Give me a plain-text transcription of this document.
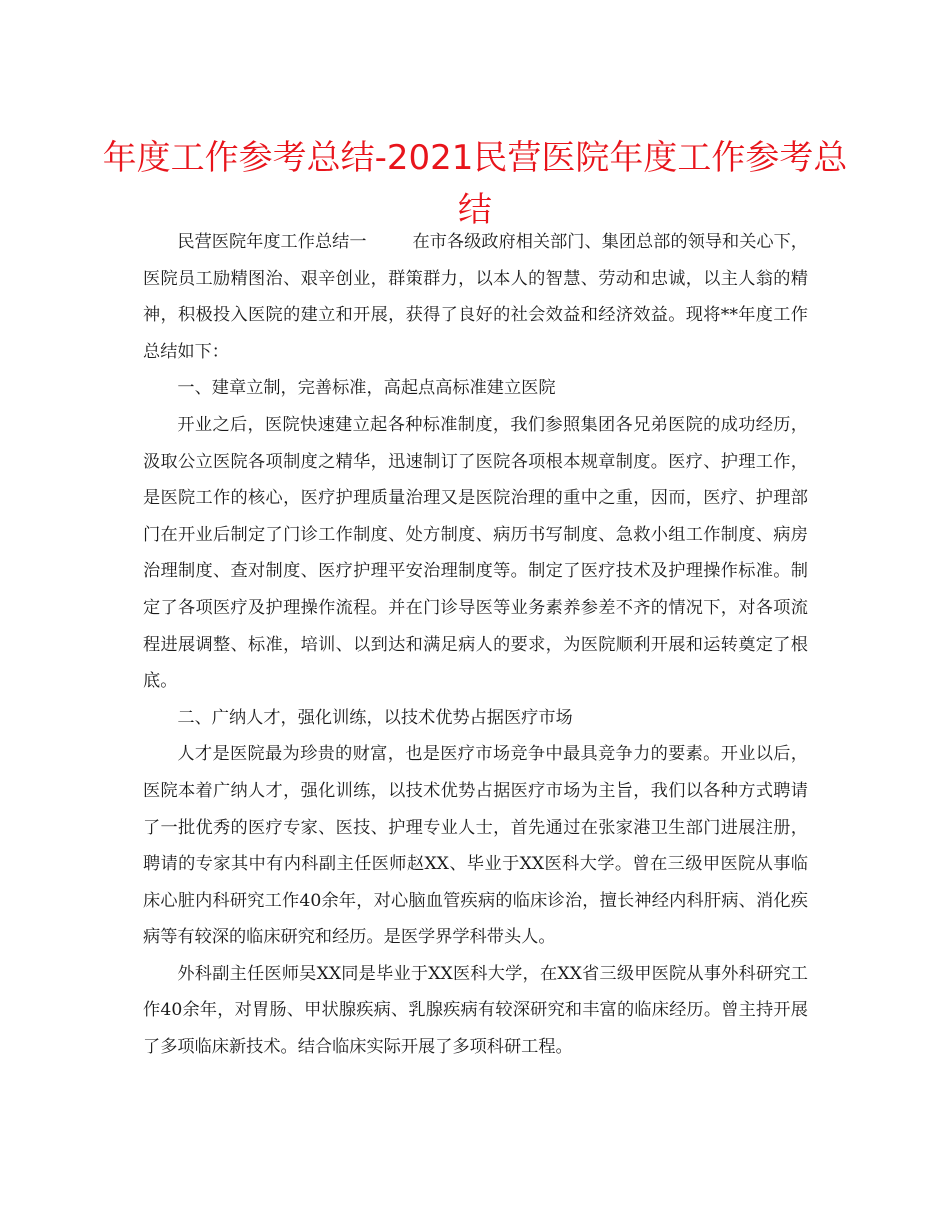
年度工作参考总结-2021民营医院年度工作参考总结

民营医院年度工作总结一	在市各级政府相关部门、集团总部的领导和关心下，医院员工励精图治、艰辛创业，群策群力，以本人的智慧、劳动和忠诚，以主人翁的精神，积极投入医院的建立和开展，获得了良好的社会效益和经济效益。现将**年度工作总结如下：

一、建章立制，完善标准，高起点高标准建立医院

开业之后，医院快速建立起各种标准制度，我们参照集团各兄弟医院的成功经历，汲取公立医院各项制度之精华，迅速制订了医院各项根本规章制度。医疗、护理工作，是医院工作的核心，医疗护理质量治理又是医院治理的重中之重，因而，医疗、护理部门在开业后制定了门诊工作制度、处方制度、病历书写制度、急救小组工作制度、病房治理制度、查对制度、医疗护理平安治理制度等。制定了医疗技术及护理操作标准。制定了各项医疗及护理操作流程。并在门诊导医等业务素养参差不齐的情况下，对各项流程进展调整、标准，培训、以到达和满足病人的要求，为医院顺利开展和运转奠定了根底。

二、广纳人才，强化训练，以技术优势占据医疗市场

人才是医院最为珍贵的财富，也是医疗市场竞争中最具竞争力的要素。开业以后，医院本着广纳人才，强化训练，以技术优势占据医疗市场为主旨，我们以各种方式聘请了一批优秀的医疗专家、医技、护理专业人士，首先通过在张家港卫生部门进展注册，聘请的专家其中有内科副主任医师赵XX、毕业于XX医科大学。曾在三级甲医院从事临床心脏内科研究工作40余年，对心脑血管疾病的临床诊治，擅长神经内科肝病、消化疾病等有较深的临床研究和经历。是医学界学科带头人。

外科副主任医师吴XX同是毕业于XX医科大学，在XX省三级甲医院从事外科研究工作40余年，对胃肠、甲状腺疾病、乳腺疾病有较深研究和丰富的临床经历。曾主持开展了多项临床新技术。结合临床实际开展了多项科研工程。
